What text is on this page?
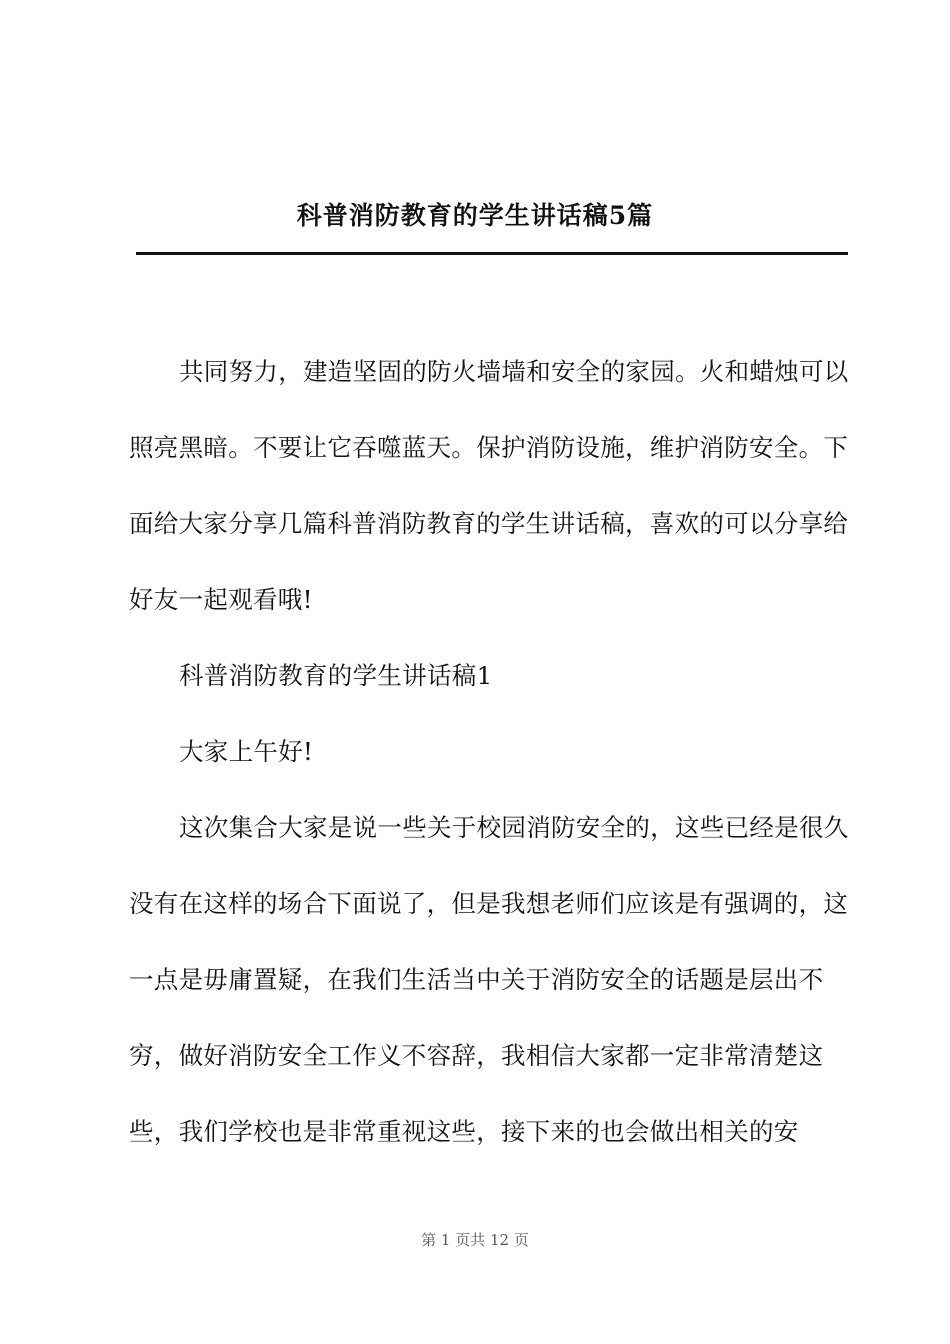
科普消防教育的学生讲话稿5篇

共同努力，建造坚固的防火墙墙和安全的家园。火和蜡烛可以照亮黑暗。不要让它吞噬蓝天。保护消防设施，维护消防安全。下面给大家分享几篇科普消防教育的学生讲话稿，喜欢的可以分享给好友一起观看哦!

科普消防教育的学生讲话稿1

大家上午好!

这次集合大家是说一些关于校园消防安全的，这些已经是很久没有在这样的场合下面说了，但是我想老师们应该是有强调的，这一点是毋庸置疑，在我们生活当中关于消防安全的话题是层出不穷，做好消防安全工作义不容辞，我相信大家都一定非常清楚这些，我们学校也是非常重视这些，接下来的也会做出相关的安

第 1 页共 12 页
